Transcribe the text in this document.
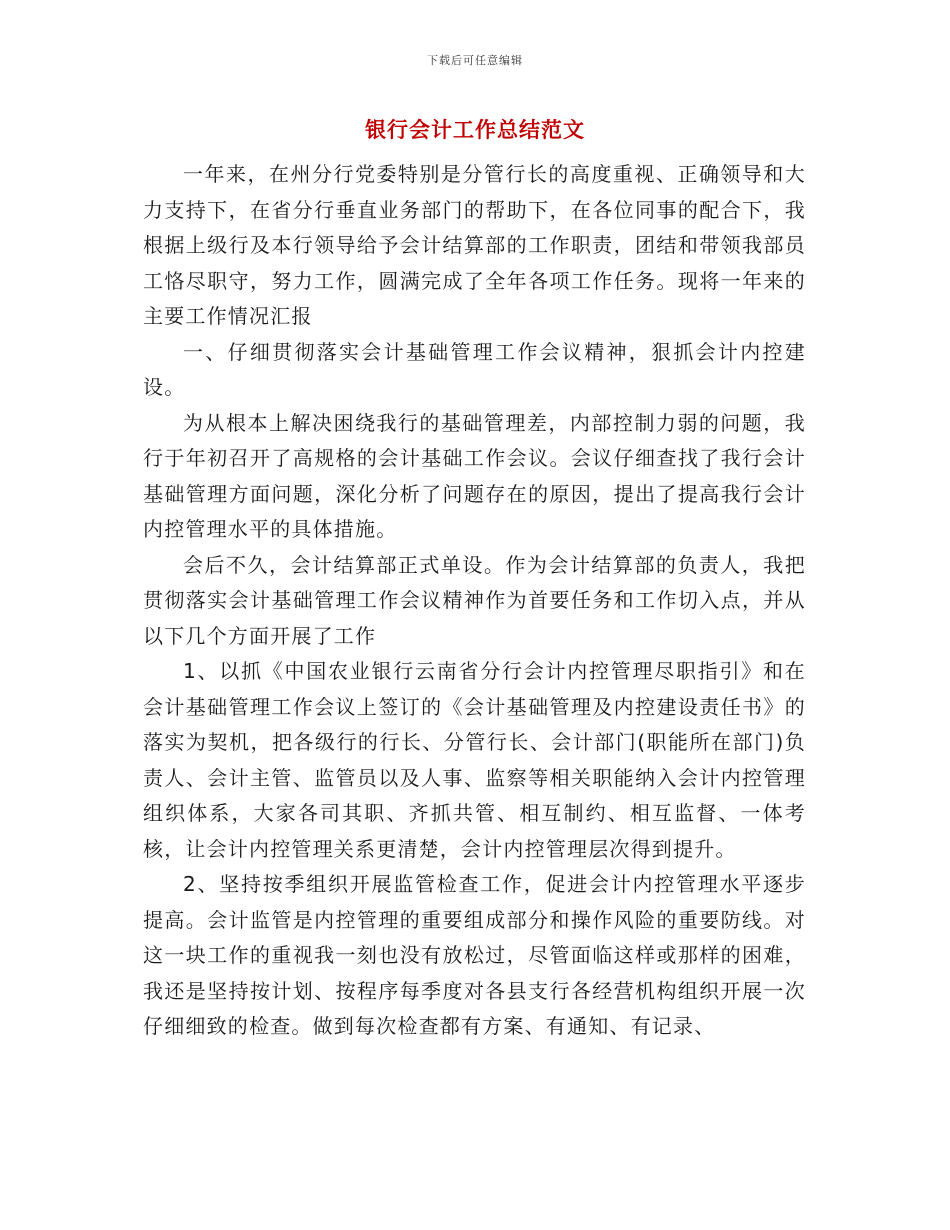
下载后可任意编辑
银行会计工作总结范文

一年来，在州分行党委特别是分管行长的高度重视、正确领导和大力支持下，在省分行垂直业务部门的帮助下，在各位同事的配合下，我根据上级行及本行领导给予会计结算部的工作职责，团结和带领我部员工恪尽职守，努力工作，圆满完成了全年各项工作任务。现将一年来的主要工作情况汇报

一、仔细贯彻落实会计基础管理工作会议精神，狠抓会计内控建设。

为从根本上解决困绕我行的基础管理差，内部控制力弱的问题，我行于年初召开了高规格的会计基础工作会议。会议仔细查找了我行会计基础管理方面问题，深化分析了问题存在的原因，提出了提高我行会计内控管理水平的具体措施。

会后不久，会计结算部正式单设。作为会计结算部的负责人，我把贯彻落实会计基础管理工作会议精神作为首要任务和工作切入点，并从以下几个方面开展了工作

1、以抓《中国农业银行云南省分行会计内控管理尽职指引》和在会计基础管理工作会议上签订的《会计基础管理及内控建设责任书》的落实为契机，把各级行的行长、分管行长、会计部门(职能所在部门)负责人、会计主管、监管员以及人事、监察等相关职能纳入会计内控管理组织体系，大家各司其职、齐抓共管、相互制约、相互监督、一体考核，让会计内控管理关系更清楚，会计内控管理层次得到提升。

2、坚持按季组织开展监管检查工作，促进会计内控管理水平逐步提高。会计监管是内控管理的重要组成部分和操作风险的重要防线。对这一块工作的重视我一刻也没有放松过，尽管面临这样或那样的困难，我还是坚持按计划、按程序每季度对各县支行各经营机构组织开展一次仔细细致的检查。做到每次检查都有方案、有通知、有记录、
